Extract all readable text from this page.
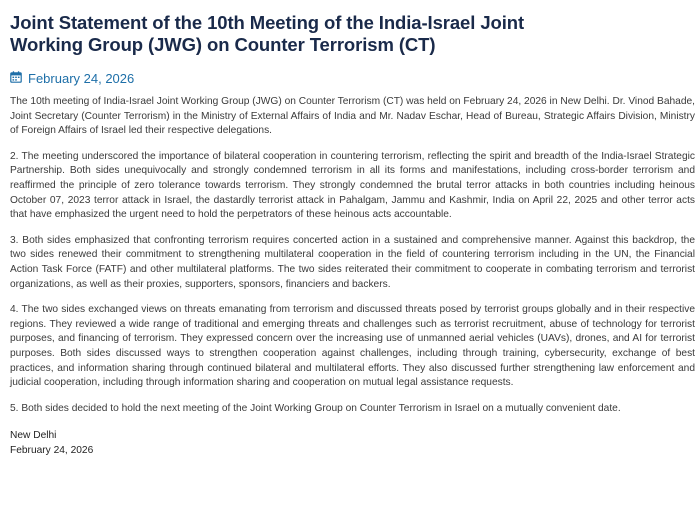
Joint Statement of the 10th Meeting of the India-Israel Joint Working Group (JWG) on Counter Terrorism (CT)
February 24, 2026

The 10th meeting of India-Israel Joint Working Group (JWG) on Counter Terrorism (CT) was held on February 24, 2026 in New Delhi. Dr. Vinod Bahade, Joint Secretary (Counter Terrorism) in the Ministry of External Affairs of India and Mr. Nadav Eschar, Head of Bureau, Strategic Affairs Division, Ministry of Foreign Affairs of Israel led their respective delegations.

2. The meeting underscored the importance of bilateral cooperation in countering terrorism, reflecting the spirit and breadth of the India-Israel Strategic Partnership. Both sides unequivocally and strongly condemned terrorism in all its forms and manifestations, including cross-border terrorism and reaffirmed the principle of zero tolerance towards terrorism. They strongly condemned the brutal terror attacks in both countries including heinous October 07, 2023 terror attack in Israel, the dastardly terrorist attack in Pahalgam, Jammu and Kashmir, India on April 22, 2025 and other terror acts that have emphasized the urgent need to hold the perpetrators of these heinous acts accountable.

3. Both sides emphasized that confronting terrorism requires concerted action in a sustained and comprehensive manner. Against this backdrop, the two sides renewed their commitment to strengthening multilateral cooperation in the field of countering terrorism including in the UN, the Financial Action Task Force (FATF) and other multilateral platforms. The two sides reiterated their commitment to cooperate in combating terrorism and terrorist organizations, as well as their proxies, supporters, sponsors, financiers and backers.

4. The two sides exchanged views on threats emanating from terrorism and discussed threats posed by terrorist groups globally and in their respective regions. They reviewed a wide range of traditional and emerging threats and challenges such as terrorist recruitment, abuse of technology for terrorist purposes, and financing of terrorism. They expressed concern over the increasing use of unmanned aerial vehicles (UAVs), drones, and AI for terrorist purposes. Both sides discussed ways to strengthen cooperation against challenges, including through training, cybersecurity, exchange of best practices, and information sharing through continued bilateral and multilateral efforts. They also discussed further strengthening law enforcement and judicial cooperation, including through information sharing and cooperation on mutual legal assistance requests.

5. Both sides decided to hold the next meeting of the Joint Working Group on Counter Terrorism in Israel on a mutually convenient date.

New Delhi
February 24, 2026
